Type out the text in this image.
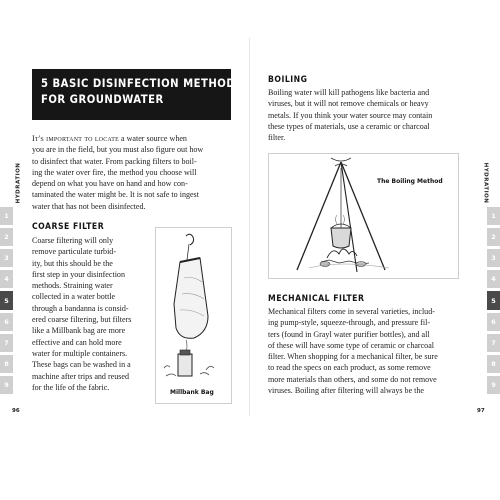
5 BASIC DISINFECTION METHODS
FOR GROUNDWATER

It's important to locate a water source when

you are in the field, but you must also figure out how

to disinfect that water. From packing filters to boil-

ing the water over fire, the method you choose will

depend on what you have on hand and how con-

taminated the water might be. It is not safe to ingest

water that has not been disinfected.

COARSE FILTER

Coarse filtering will only

remove particulate turbid-

ity, but this should be the

first step in your disinfection

methods. Straining water

collected in a water bottle

through a bandanna is consid-

ered coarse filtering, but filters

like a Millbank bag are more

effective and can hold more

water for multiple containers.

These bags can be washed in a

machine after trips and reused

for the life of the fabric.

Millbank Bag
HYDRATION
1
2
3
4
5
6
7
8
9
96
BOILING

Boiling water will kill pathogens like bacteria and

viruses, but it will not remove chemicals or heavy

metals. If you think your water source may contain

these types of materials, use a ceramic or charcoal

filter.

The Boiling Method
MECHANICAL FILTER

Mechanical filters come in several varieties, includ-

ing pump-style, squeeze-through, and pressure fil-

ters (found in Grayl water purifier bottles), and all

of these will have some type of ceramic or charcoal

filter. When shopping for a mechanical filter, be sure

to read the specs on each product, as some remove

more materials than others, and some do not remove

viruses. Boiling after filtering will always be the

HYDRATION
1
2
3
4
5
6
7
8
9
97
